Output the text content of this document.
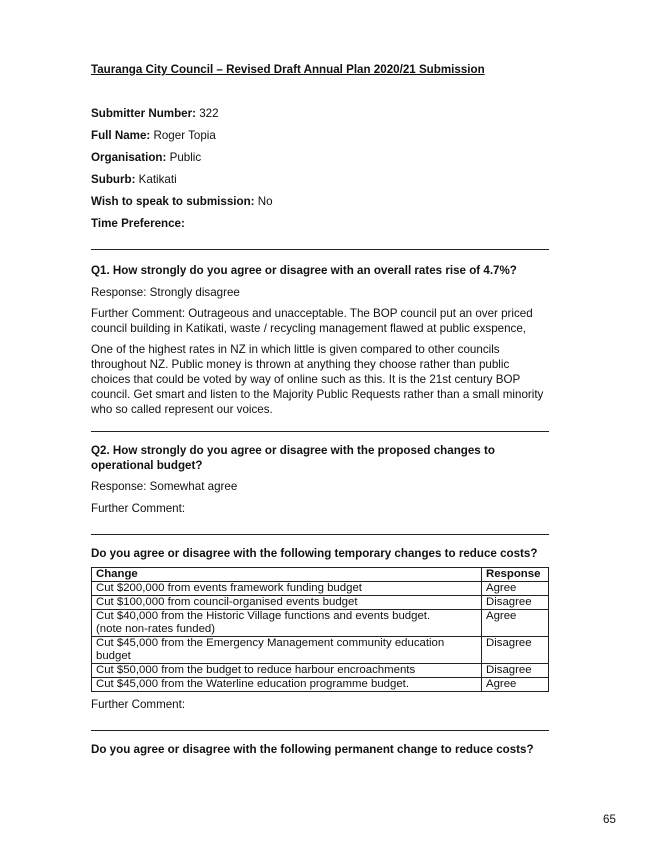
Tauranga City Council – Revised Draft Annual Plan 2020/21 Submission
Submitter Number: 322
Full Name: Roger Topia
Organisation: Public
Suburb: Katikati
Wish to speak to submission: No
Time Preference:
Q1. How strongly do you agree or disagree with an overall rates rise of 4.7%?
Response: Strongly disagree
Further Comment: Outrageous and unacceptable. The BOP council put an over priced council building in Katikati, waste / recycling management flawed at public exspence,
One of the highest rates in NZ in which little is given compared to other councils throughout NZ. Public money is thrown at anything they choose rather than public choices that could be voted by way of online such as this. It is the 21st century BOP council. Get smart and listen to the Majority Public Requests rather than a small minority who so called represent our voices.
Q2. How strongly do you agree or disagree with the proposed changes to operational budget?
Response: Somewhat agree
Further Comment:
Do you agree or disagree with the following temporary changes to reduce costs?
Change	Response
Cut $200,000 from events framework funding budget	Agree
Cut $100,000 from council-organised events budget	Disagree
Cut $40,000 from the Historic Village functions and events budget.
(note non-rates funded)	Agree
Cut $45,000 from the Emergency Management community education budget	Disagree
Cut $50,000 from the budget to reduce harbour encroachments	Disagree
Cut $45,000 from the Waterline education programme budget.	Agree
Further Comment:
Do you agree or disagree with the following permanent change to reduce costs?
65
